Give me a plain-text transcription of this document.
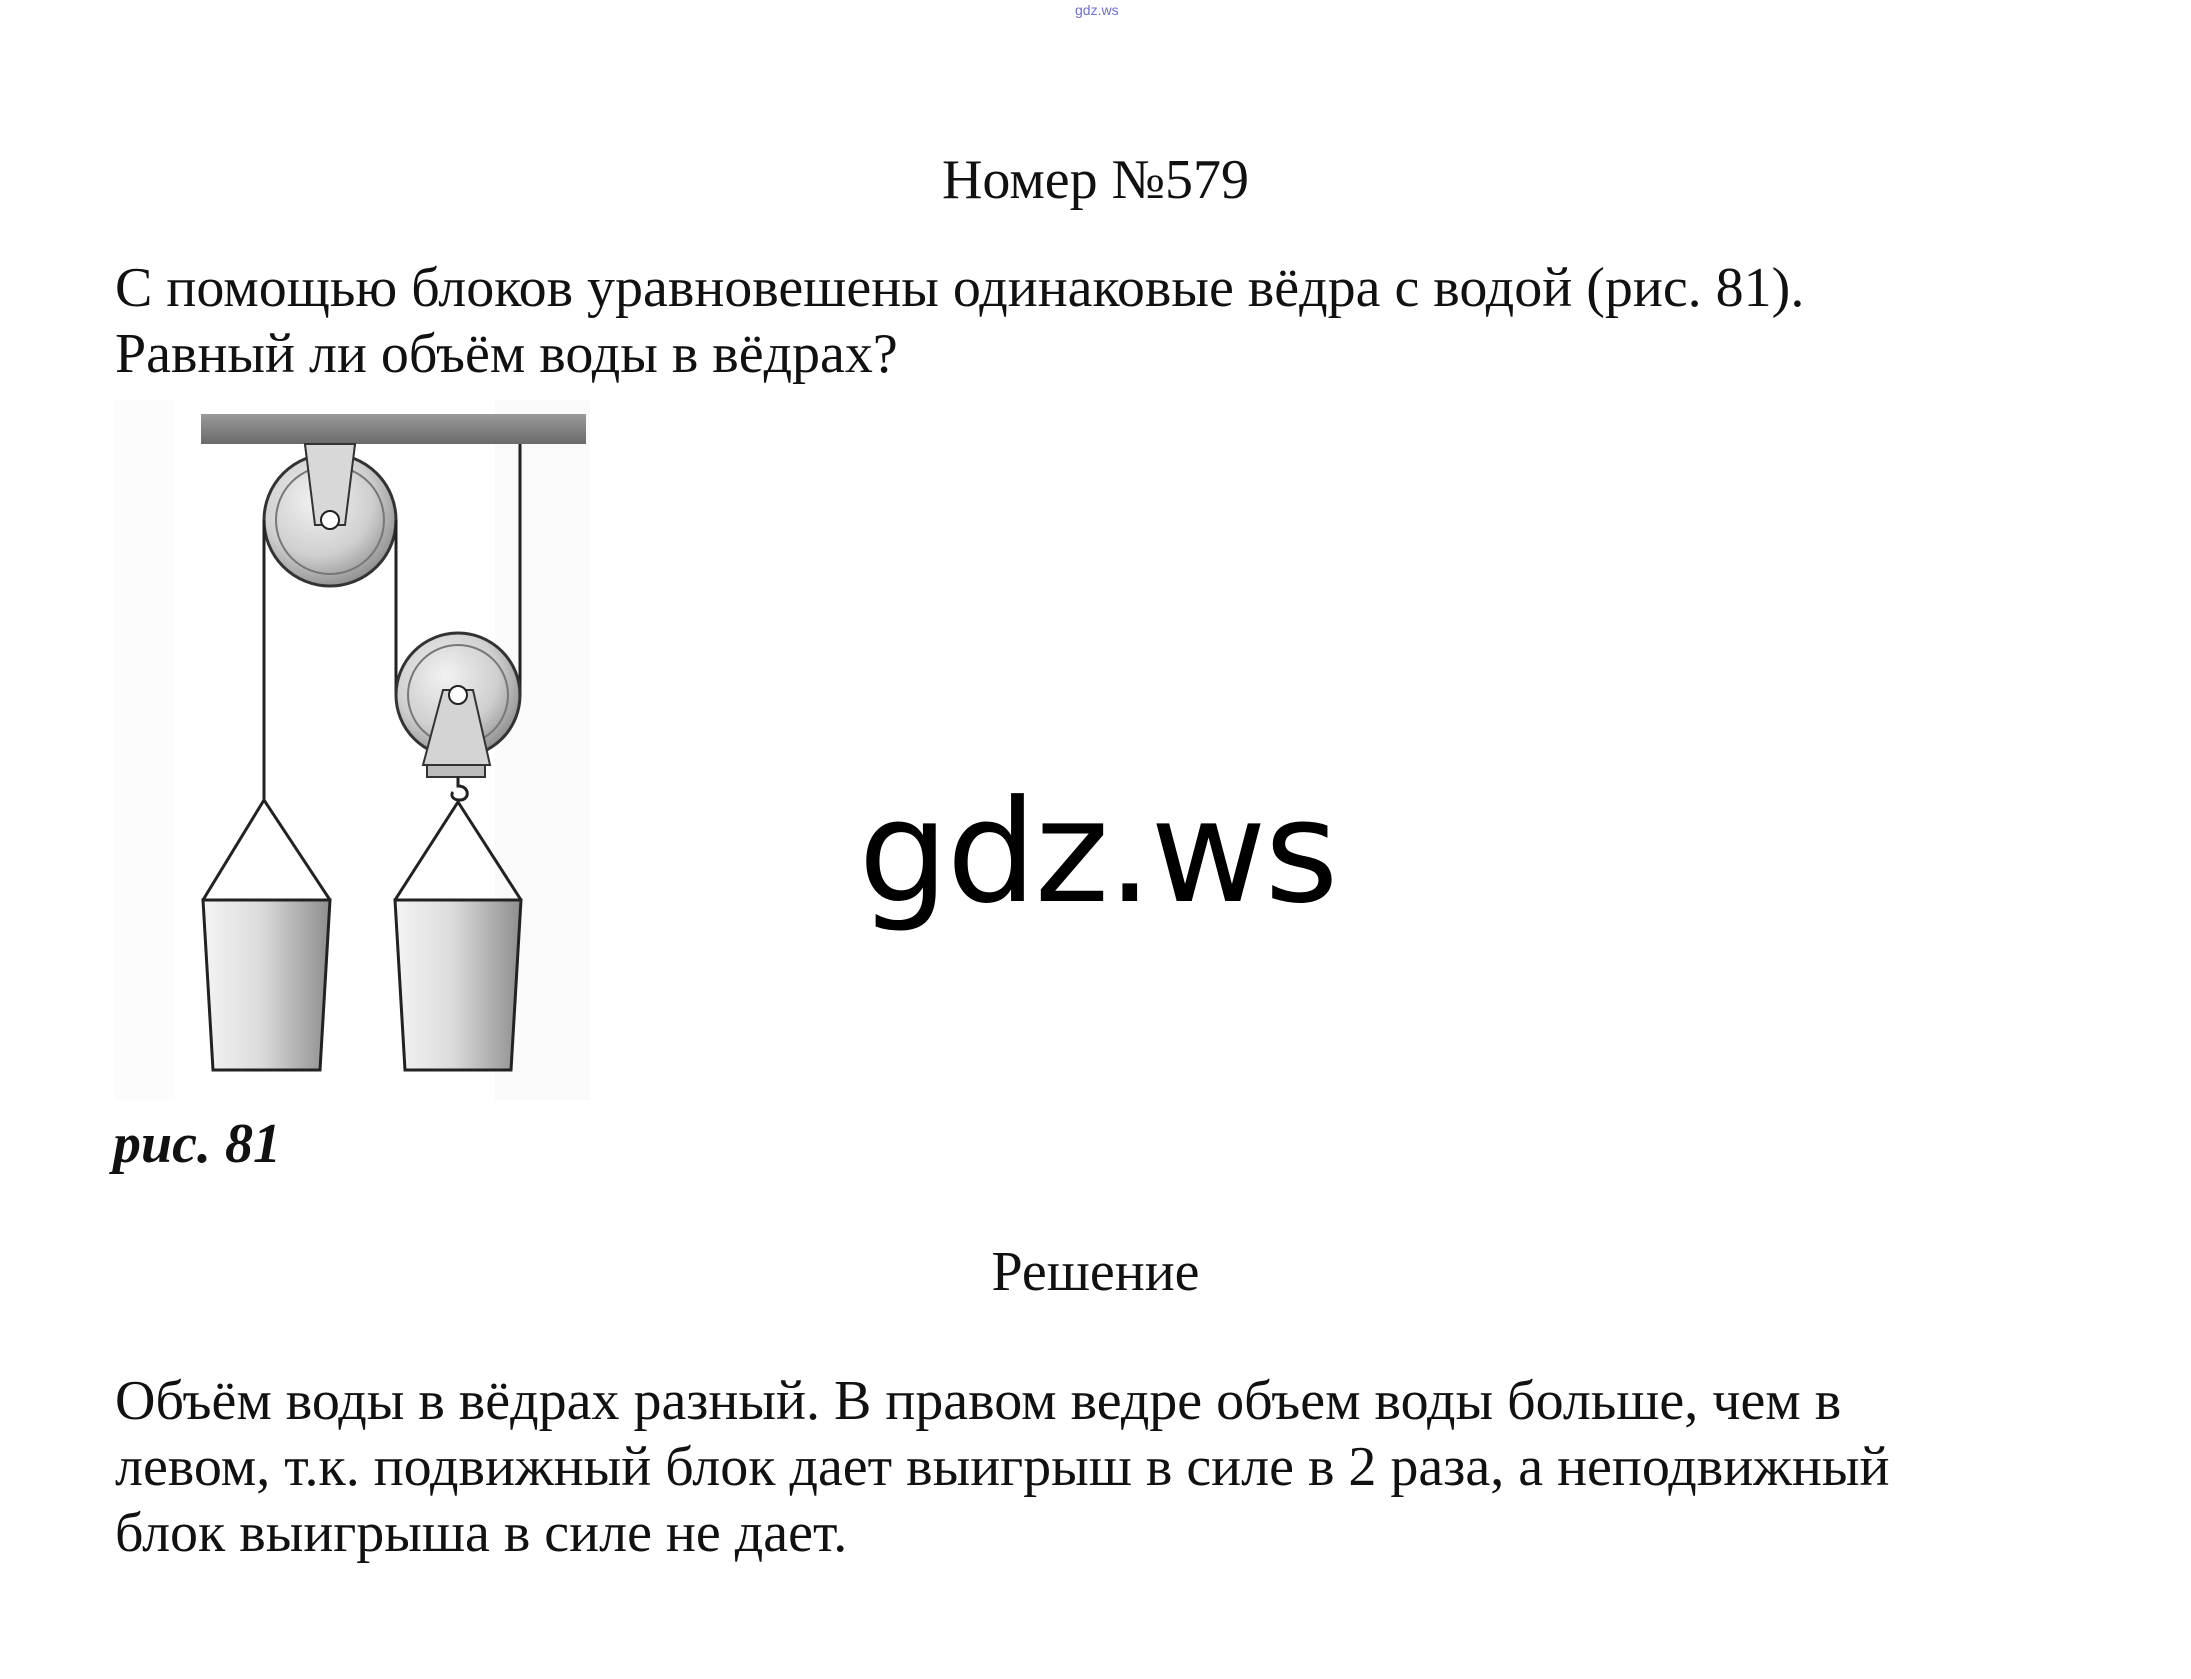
gdz.ws
Номер №579
С помощью блоков уравновешены одинаковые вёдра с водой (рис. 81).
Равный ли объём воды в вёдрах?
рис. 81
gdz.ws
Решение
Объём воды в вёдрах разный. В правом ведре объем воды больше, чем в
левом, т.к. подвижный блок дает выигрыш в силе в 2 раза, а неподвижный
блок выигрыша в силе не дает.
